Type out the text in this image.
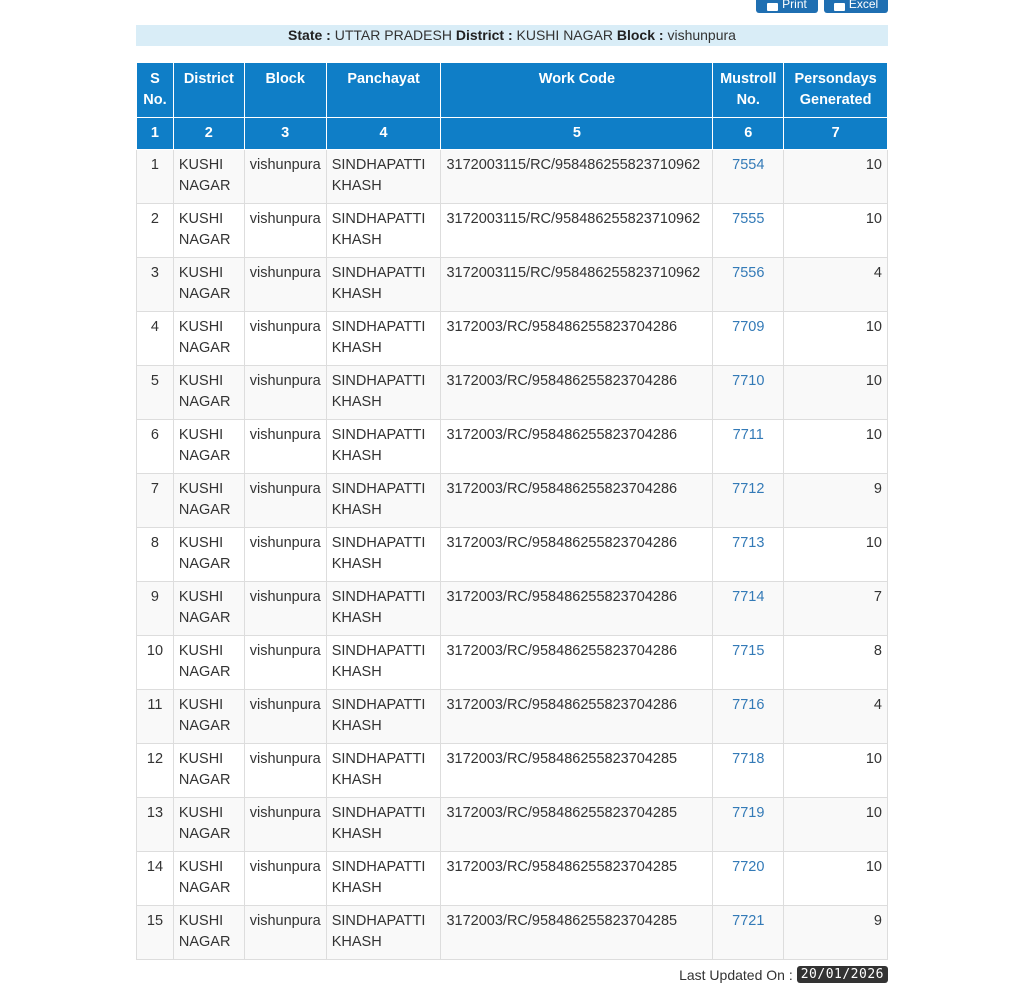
Print	Excel
State : UTTAR PRADESH District : KUSHI NAGAR Block : vishunpura
S No.	District	Block	Panchayat	Work Code	Mustroll No.	Persondays Generated
1	2	3	4	5	6	7
1	KUSHI NAGAR	vishunpura	SINDHAPATTI KHASH	3172003115/RC/958486255823710962	7554	10
2	KUSHI NAGAR	vishunpura	SINDHAPATTI KHASH	3172003115/RC/958486255823710962	7555	10
3	KUSHI NAGAR	vishunpura	SINDHAPATTI KHASH	3172003115/RC/958486255823710962	7556	4
4	KUSHI NAGAR	vishunpura	SINDHAPATTI KHASH	3172003/RC/958486255823704286	7709	10
5	KUSHI NAGAR	vishunpura	SINDHAPATTI KHASH	3172003/RC/958486255823704286	7710	10
6	KUSHI NAGAR	vishunpura	SINDHAPATTI KHASH	3172003/RC/958486255823704286	7711	10
7	KUSHI NAGAR	vishunpura	SINDHAPATTI KHASH	3172003/RC/958486255823704286	7712	9
8	KUSHI NAGAR	vishunpura	SINDHAPATTI KHASH	3172003/RC/958486255823704286	7713	10
9	KUSHI NAGAR	vishunpura	SINDHAPATTI KHASH	3172003/RC/958486255823704286	7714	7
10	KUSHI NAGAR	vishunpura	SINDHAPATTI KHASH	3172003/RC/958486255823704286	7715	8
11	KUSHI NAGAR	vishunpura	SINDHAPATTI KHASH	3172003/RC/958486255823704286	7716	4
12	KUSHI NAGAR	vishunpura	SINDHAPATTI KHASH	3172003/RC/958486255823704285	7718	10
13	KUSHI NAGAR	vishunpura	SINDHAPATTI KHASH	3172003/RC/958486255823704285	7719	10
14	KUSHI NAGAR	vishunpura	SINDHAPATTI KHASH	3172003/RC/958486255823704285	7720	10
15	KUSHI NAGAR	vishunpura	SINDHAPATTI KHASH	3172003/RC/958486255823704285	7721	9
Last Updated On : 20/01/2026
